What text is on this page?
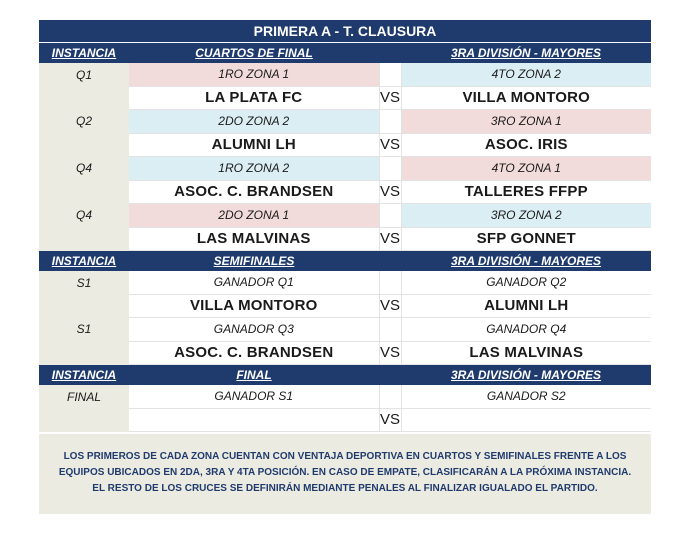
PRIMERA A - T. CLAUSURA			
INSTANCIA	CUARTOS DE FINAL		3RA DIVISIÓN - MAYORES
Q1	1RO ZONA 1		4TO ZONA 2
	LA PLATA FC	VS	VILLA MONTORO
Q2	2DO ZONA 2		3RO ZONA 1
	ALUMNI LH	VS	ASOC. IRIS
Q4	1RO ZONA 2		4TO ZONA 1
	ASOC. C. BRANDSEN	VS	TALLERES FFPP
Q4	2DO ZONA 1		3RO ZONA 2
	LAS MALVINAS	VS	SFP GONNET
INSTANCIA	SEMIFINALES		3RA DIVISIÓN - MAYORES
S1	GANADOR Q1		GANADOR Q2
	VILLA MONTORO	VS	ALUMNI LH
S1	GANADOR Q3		GANADOR Q4
	ASOC. C. BRANDSEN	VS	LAS MALVINAS
INSTANCIA	FINAL		3RA DIVISIÓN - MAYORES
FINAL	GANADOR S1		GANADOR S2
		VS	
LOS PRIMEROS DE CADA ZONA CUENTAN CON VENTAJA DEPORTIVA EN CUARTOS Y SEMIFINALES FRENTE A LOS EQUIPOS UBICADOS EN 2DA, 3RA Y 4TA POSICIÓN. EN CASO DE EMPATE, CLASIFICARÁN A LA PRÓXIMA INSTANCIA. EL RESTO DE LOS CRUCES SE DEFINIRÁN MEDIANTE PENALES AL FINALIZAR IGUALADO EL PARTIDO.
